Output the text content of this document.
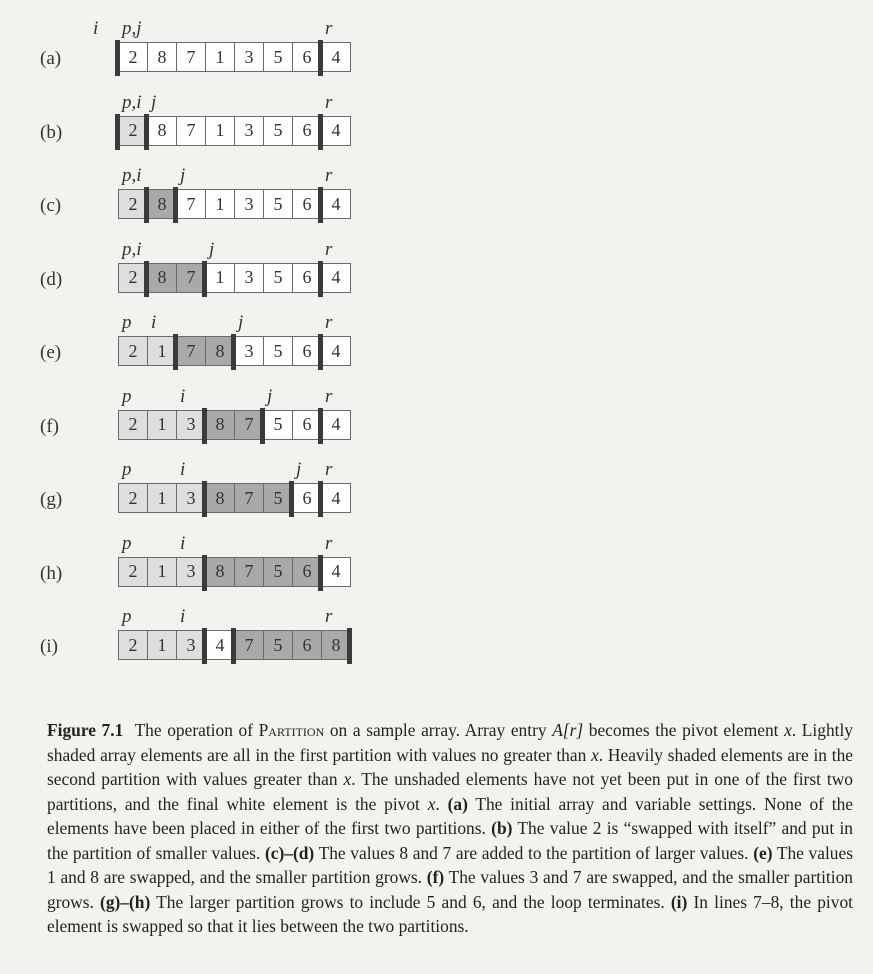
(a)
i p,j	r
2	8	7	1	3	5	6	4
(b)
p,i j	r
2	8	7	1	3	5	6	4
(c)
p,i j	r
2	8	7	1	3	5	6	4
(d)
p,i	j	r
2	8	7	1	3	5	6	4
(e)
p i	j	r
2	1	7	8	3	5	6	4
(f)
p	i	j	r
2	1	3	8	7	5	6	4
(g)
p	i	j r
2	1	3	8	7	5	6	4
(h)
p	i	r
2	1	3	8	7	5	6	4
(i)
p	i	r
2	1	3	4	7	5	6	8
Figure 7.1 The operation of Partition on a sample array. Array entry A[r] becomes the pivot element x. Lightly shaded array elements are all in the first partition with values no greater than x. Heavily shaded elements are in the second partition with values greater than x. The unshaded elements have not yet been put in one of the first two partitions, and the final white element is the pivot x. (a) The initial array and variable settings. None of the elements have been placed in either of the first two partitions. (b) The value 2 is “swapped with itself” and put in the partition of smaller values. (c)–(d) The values 8 and 7 are added to the partition of larger values. (e) The values 1 and 8 are swapped, and the smaller partition grows. (f) The values 3 and 7 are swapped, and the smaller partition grows. (g)–(h) The larger partition grows to include 5 and 6, and the loop terminates. (i) In lines 7–8, the pivot element is swapped so that it lies between the two partitions.
